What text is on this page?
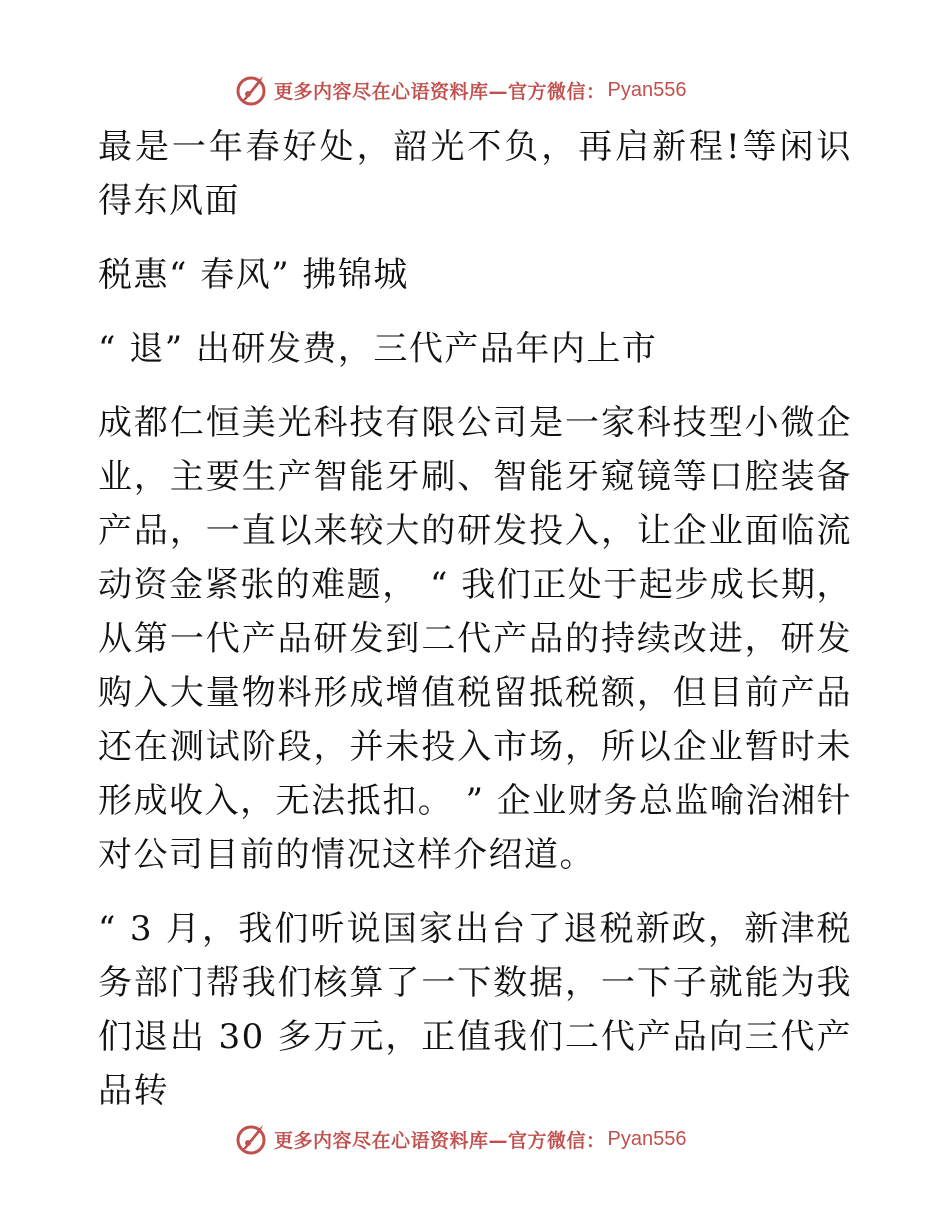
更多内容尽在心语资料库—官方微信： Pyan556

最是一年春好处，韶光不负，再启新程!等闲识得东风面

税惠“ 春风” 拂锦城

“ 退” 出研发费，三代产品年内上市

成都仁恒美光科技有限公司是一家科技型小微企业，主要生产智能牙刷、智能牙窥镜等口腔装备产品，一直以来较大的研发投入，让企业面临流动资金紧张的难题， “ 我们正处于起步成长期，从第一代产品研发到二代产品的持续改进，研发购入大量物料形成增值税留抵税额，但目前产品还在测试阶段，并未投入市场，所以企业暂时未形成收入，无法抵扣。 ” 企业财务总监喻治湘针对公司目前的情况这样介绍道。

“ 3 月，我们听说国家出台了退税新政，新津税务部门帮我们核算了一下数据，一下子就能为我们退出 30 多万元，正值我们二代产品向三代产品转

更多内容尽在心语资料库—官方微信： Pyan556
